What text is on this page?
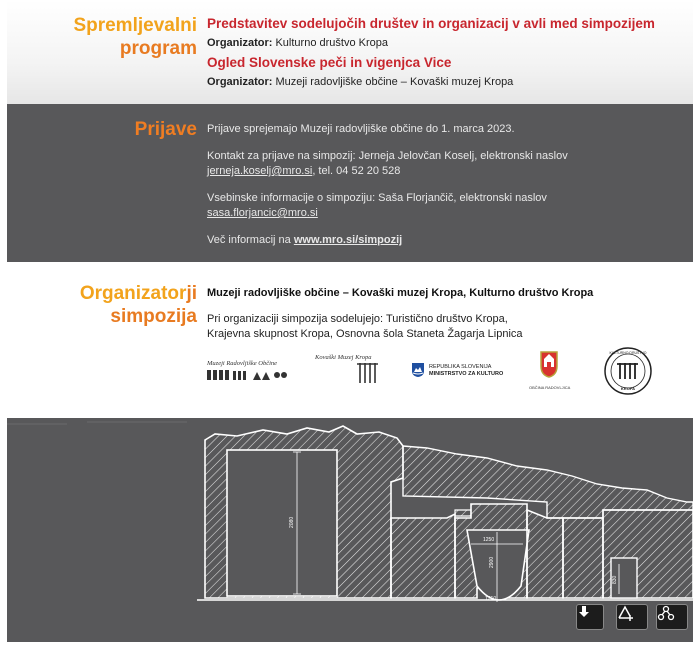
Spremljevalni
program
Predstavitev sodelujočih društev in organizacij v avli med simpozijem
Organizator: Kulturno društvo Kropa
Ogled Slovenske peči in vigenjca Vice
Organizator: Muzeji radovljiške občine – Kovaški muzej Kropa
Prijave Prijave sprejemajo Muzeji radovljiške občine do 1. marca 2023.

Kontakt za prijave na simpozij: Jerneja Jelovčan Koselj, elektronski naslov
jerneja.koselj@mro.si, tel. 04 52 20 528

Vsebinske informacije o simpoziju: Saša Florjančič, elektronski naslov
sasa.florjancic@mro.si

Več informacij na www.mro.si/simpozij

Organizatorji
simpozija
Muzeji radovljiške občine – Kovaški muzej Kropa, Kulturno društvo Kropa
Pri organizaciji simpozija sodelujejo: Turistično društvo Kropa,
Krajevna skupnost Kropa, Osnovna šola Staneta Žagarja Lipnica
Muzeji Radovljiške Občine
Kovaški Muzej Kropa
REPUBLIKA SLOVENIJA
MINISTRSTVO ZA KULTURO
OBČINA RADOVLJICA
KULTURNO DRUŠTVO
KROPA
2080
1250
2900
1250
830
